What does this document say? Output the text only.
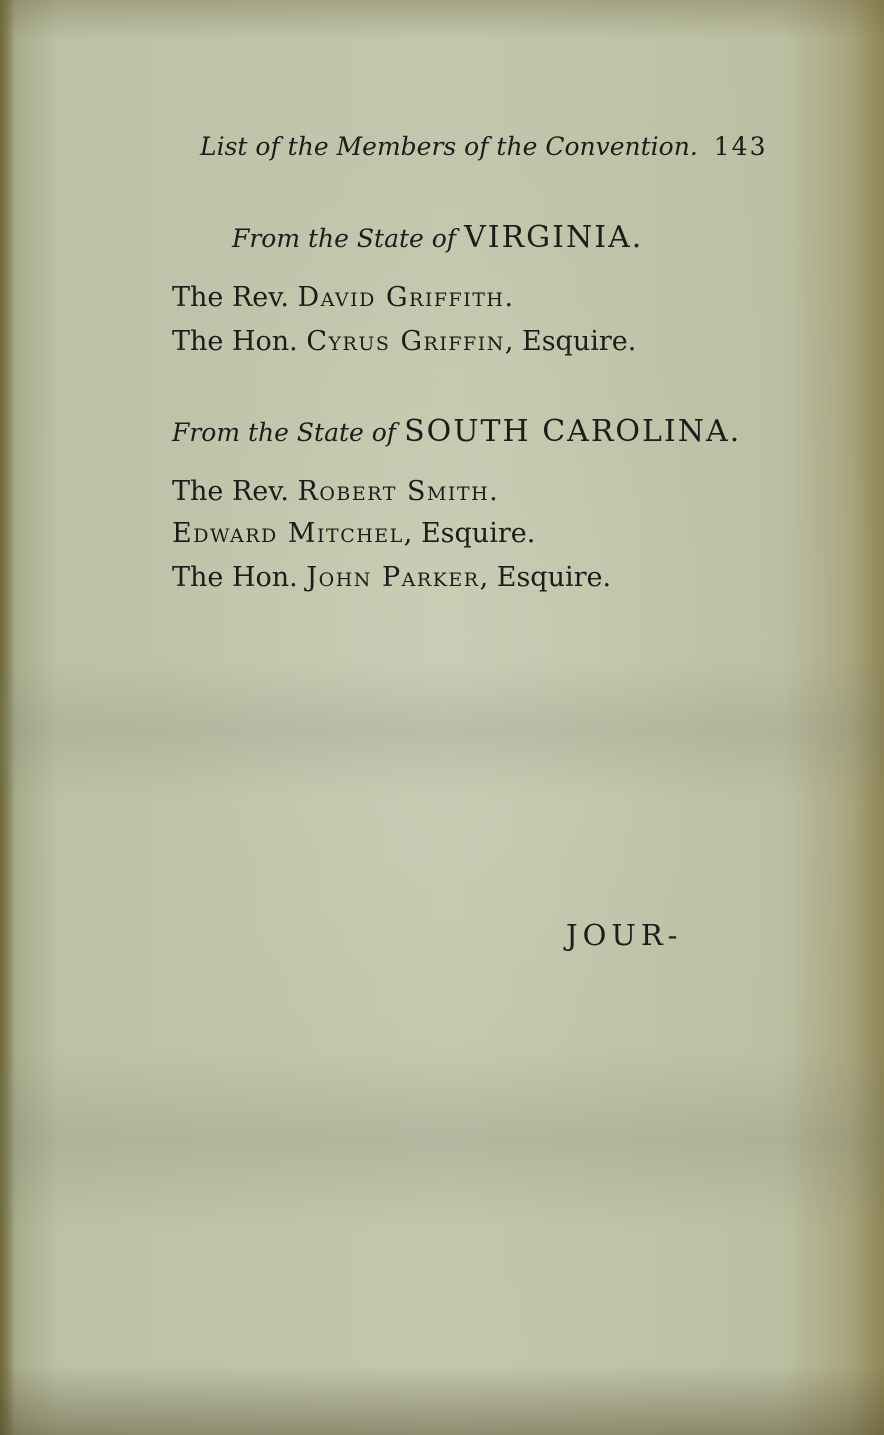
List of the Members of the Convention. 143
From the State of VIRGINIA.
The Rev. David Griffith.
The Hon. Cyrus Griffin, Esquire.
From the State of SOUTH CAROLINA.
The Rev. Robert Smith.
Edward Mitchel, Esquire.
The Hon. John Parker, Esquire.
JOUR-
